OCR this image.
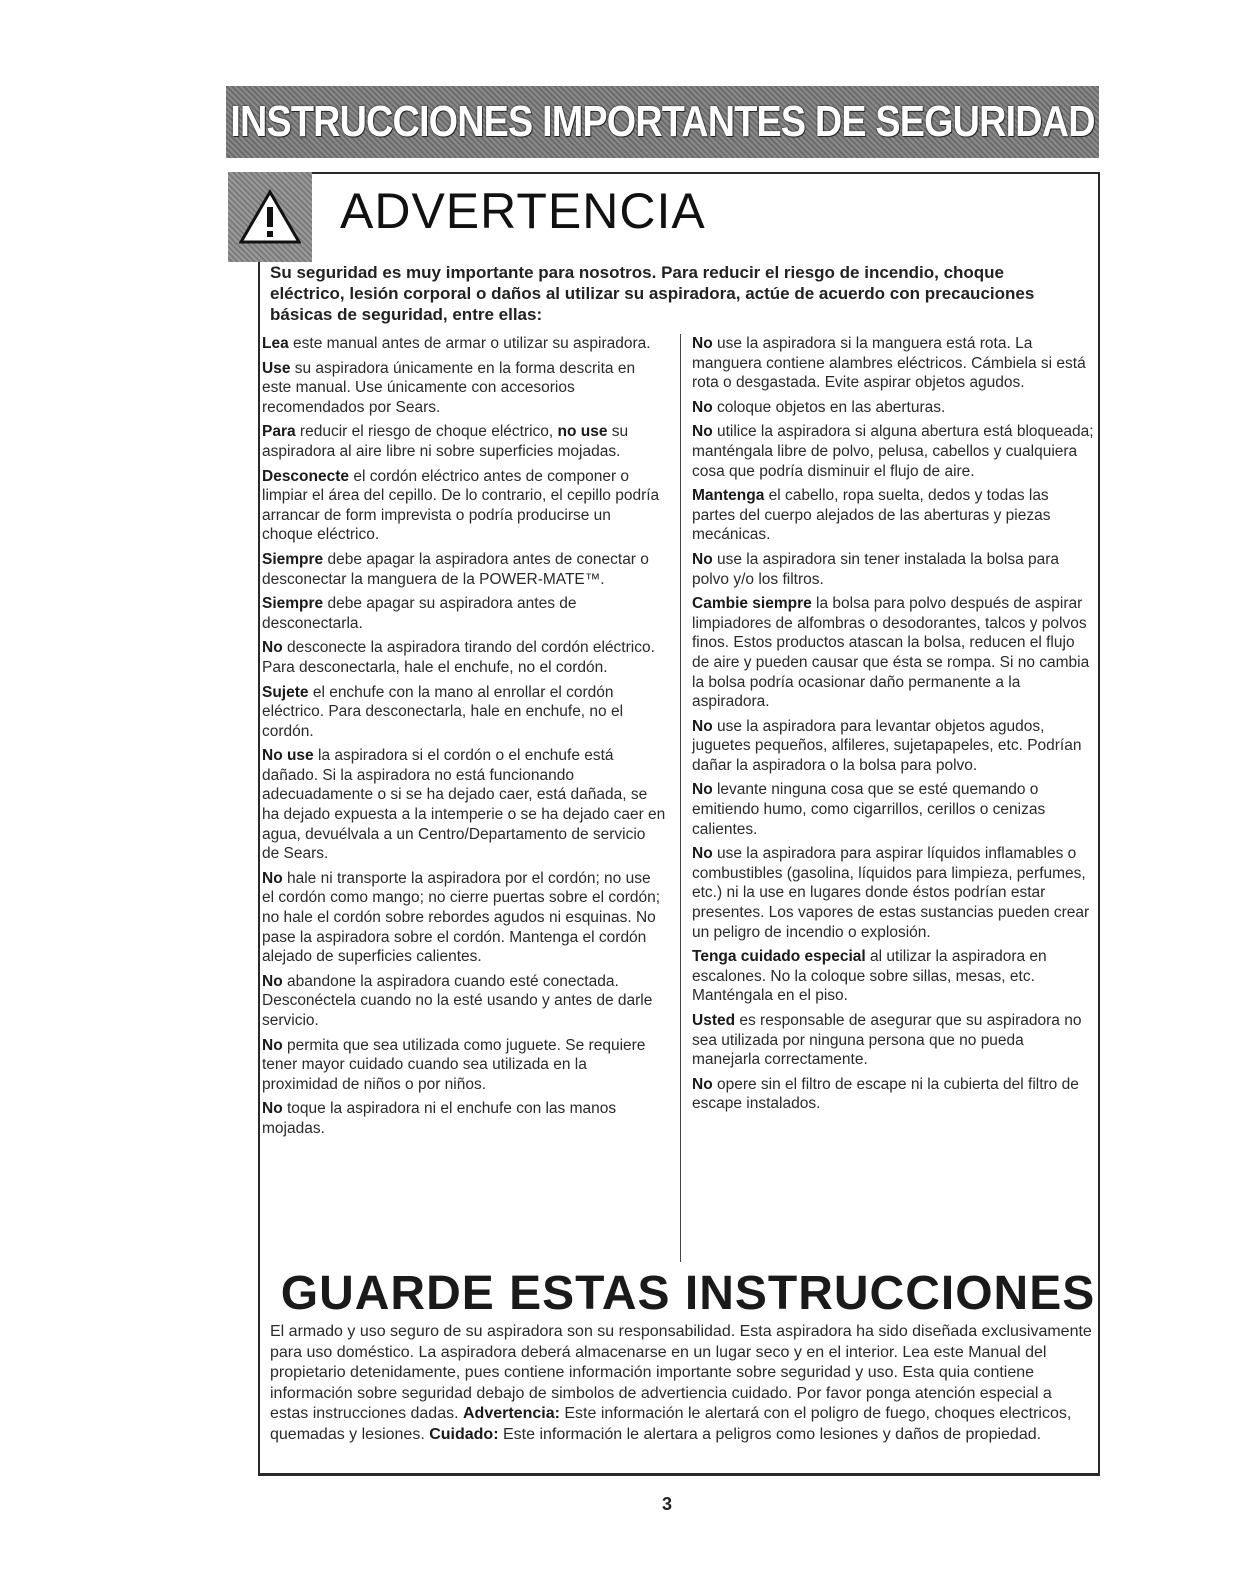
INSTRUCCIONES IMPORTANTES DE SEGURIDAD
ADVERTENCIA

Su seguridad es muy importante para nosotros. Para reducir el riesgo de incendio, choque eléctrico, lesión corporal o daños al utilizar su aspiradora, actúe de acuerdo con precauciones básicas de seguridad, entre ellas:

Lea este manual antes de armar o utilizar su aspiradora.

Use su aspiradora únicamente en la forma descrita en este manual. Use únicamente con accesorios recomendados por Sears.

Para reducir el riesgo de choque eléctrico, no use su aspiradora al aire libre ni sobre superficies mojadas.

Desconecte el cordón eléctrico antes de componer o limpiar el área del cepillo. De lo contrario, el cepillo podría arrancar de form imprevista o podría producirse un choque eléctrico.

Siempre debe apagar la aspiradora antes de conectar o desconectar la manguera de la POWER-MATE™.

Siempre debe apagar su aspiradora antes de desconectarla.

No desconecte la aspiradora tirando del cordón eléctrico. Para desconectarla, hale el enchufe, no el cordón.

Sujete el enchufe con la mano al enrollar el cordón eléctrico. Para desconectarla, hale en enchufe, no el cordón.

No use la aspiradora si el cordón o el enchufe está dañado. Si la aspiradora no está funcionando adecuadamente o si se ha dejado caer, está dañada, se ha dejado expuesta a la intemperie o se ha dejado caer en agua, devuélvala a un Centro/Departamento de servicio de Sears.

No hale ni transporte la aspiradora por el cordón; no use el cordón como mango; no cierre puertas sobre el cordón; no hale el cordón sobre rebordes agudos ni esquinas. No pase la aspiradora sobre el cordón. Mantenga el cordón alejado de superficies calientes.

No abandone la aspiradora cuando esté conectada. Desconéctela cuando no la esté usando y antes de darle servicio.

No permita que sea utilizada como juguete. Se requiere tener mayor cuidado cuando sea utilizada en la proximidad de niños o por niños.

No toque la aspiradora ni el enchufe con las manos mojadas.

No use la aspiradora si la manguera está rota. La manguera contiene alambres eléctricos. Cámbiela si está rota o desgastada. Evite aspirar objetos agudos.

No coloque objetos en las aberturas.

No utilice la aspiradora si alguna abertura está bloqueada; manténgala libre de polvo, pelusa, cabellos y cualquiera cosa que podría disminuir el flujo de aire.

Mantenga el cabello, ropa suelta, dedos y todas las partes del cuerpo alejados de las aberturas y piezas mecánicas.

No use la aspiradora sin tener instalada la bolsa para polvo y/o los filtros.

Cambie siempre la bolsa para polvo después de aspirar limpiadores de alfombras o desodorantes, talcos y polvos finos. Estos productos atascan la bolsa, reducen el flujo de aire y pueden causar que ésta se rompa. Si no cambia la bolsa podría ocasionar daño permanente a la aspiradora.

No use la aspiradora para levantar objetos agudos, juguetes pequeños, alfileres, sujetapapeles, etc. Podrían dañar la aspiradora o la bolsa para polvo.

No levante ninguna cosa que se esté quemando o emitiendo humo, como cigarrillos, cerillos o cenizas calientes.

No use la aspiradora para aspirar líquidos inflamables o combustibles (gasolina, líquidos para limpieza, perfumes, etc.) ni la use en lugares donde éstos podrían estar presentes. Los vapores de estas sustancias pueden crear un peligro de incendio o explosión.

Tenga cuidado especial al utilizar la aspiradora en escalones. No la coloque sobre sillas, mesas, etc. Manténgala en el piso.

Usted es responsable de asegurar que su aspiradora no sea utilizada por ninguna persona que no pueda manejarla correctamente.

No opere sin el filtro de escape ni la cubierta del filtro de escape instalados.

GUARDE ESTAS INSTRUCCIONES

El armado y uso seguro de su aspiradora son su responsabilidad. Esta aspiradora ha sido diseñada exclusivamente para uso doméstico. La aspiradora deberá almacenarse en un lugar seco y en el interior. Lea este Manual del propietario detenidamente, pues contiene información importante sobre seguridad y uso. Esta quia contiene información sobre seguridad debajo de simbolos de advertiencia cuidado. Por favor ponga atención especial a estas instrucciones dadas. Advertencia: Este información le alertará con el poligro de fuego, choques electricos, quemadas y lesiones. Cuidado: Este información le alertara a peligros como lesiones y daños de propiedad.

3
